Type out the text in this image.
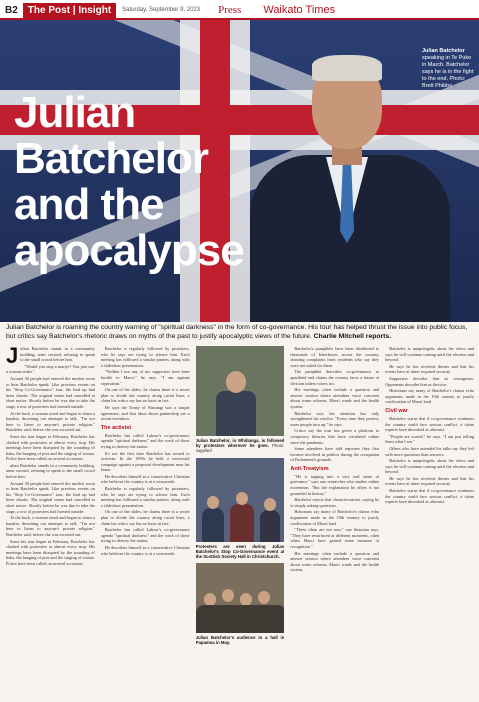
B2	The Post | Insight	Saturday, September 9, 2023 Press Waikato Times
Julian
Batchelor
and the
apocalypse
Julian Batchelor
speaking in Te Puke in March. Batchelor says he is in the fight to the end. Photo: Brett Phibbs
Julian Batchelor is roaming the country warning of "spiritual darkness" in the form of co-governance. His tour has helped thrust the issue into public focus, but critics say Batchelor's rhetoric draws on myths of the past to justify apocalyptic views of the future. Charlie Mitchell reports.

Julian Batchelor stands in a community building, arms crossed, refusing to speak to the small crowd before him.

"Would you stop a martyr? You just saw a woman strike."

Around 30 people had entered the modest room to hear Batchelor speak. Like previous events on his "Stop Co-Governance" tour, the lead up had been chaotic. The original venue had cancelled at short notice. Shortly before he was due to take the stage, a row of protesters had formed outside.

At the back, a woman stood and began to chant a karakia, drowning out attempts to talk. "I'm not here to listen to anyone's private religion," Batchelor said, before she was escorted out.

Since his tour began in February, Batchelor has clashed with protesters at almost every stop. His meetings have been disrupted by the sounding of haka, the banging of pots and the singing of waiata. Police have been called on several occasions.

ulian Batchelor stands in a community building, arms crossed, refusing to speak to the small crowd before him.

Around 30 people had entered the modest room to hear Batchelor speak. Like previous events on his "Stop Co-Governance" tour, the lead up had been chaotic. The original venue had cancelled at short notice. Shortly before he was due to take the stage, a row of protesters had formed outside.

At the back, a woman stood and began to chant a karakia, drowning out attempts to talk. "I'm not here to listen to anyone's private religion," Batchelor said, before she was escorted out.

Since his tour began in February, Batchelor has clashed with protesters at almost every stop. His meetings have been disrupted by the sounding of haka, the banging of pots and the singing of waiata. Police have been called on several occasions.

Batchelor is regularly followed by protesters, who he says are trying to silence him. Each meeting has followed a similar pattern, along with a slideshow presentation.

"Neither I nor any of my supporters have been hostile to Maori," he says. "I am against separatism."

On one of the slides, he claims there is a secret plan to divide the country along racial lines, a claim his critics say has no basis in fact.

He says the Treaty of Waitangi was a simple agreement, and that ideas about partnership are a recent invention.

The activist

Batchelor has called Labour's co-governance agenda "spiritual darkness" and the work of those trying to destroy the nation.

It's not the first time Batchelor has turned to activism. In the 1990s he held a successful campaign against a proposed development near his home.

He describes himself as a conservative Christian who believes the country is at a crossroads.

Batchelor is regularly followed by protesters, who he says are trying to silence him. Each meeting has followed a similar pattern, along with a slideshow presentation.

On one of the slides, he claims there is a secret plan to divide the country along racial lines, a claim his critics say has no basis in fact.

Batchelor has called Labour's co-governance agenda "spiritual darkness" and the work of those trying to destroy the nation.

He describes himself as a conservative Christian who believes the country is at a crossroads.

Julian Batchelor, in Whitianga, is followed by protesters wherever he goes. Photo: supplied
Protesters are seen during Julian Batchelor's Stop Co-Governance event at the Scottish Society Hall in Christchurch.
Julian Batchelor's audience in a hall in Papamoa in May.

Batchelor's pamphlets have been distributed to thousands of letterboxes across the country, drawing complaints from residents who say they were not asked for them.

The pamphlet describes co-governance as apartheid and claims the country faces a future of division unless voters act.

His meetings often include a question and answer session where attendees voice concerns about water reforms, Maori wards and the health system.

Batchelor says the attention has only strengthened his resolve. "Every time they protest, more people turn up," he says.

Critics say the tour has given a platform to conspiracy theories that have circulated online since the pandemic.

Some attendees have told reporters they first became involved in politics during the occupation of Parliament's grounds.

Anti-Treatyism

"He is tapping into a very real sense of grievance," says one researcher who studies online extremism. "But the explanation he offers is not grounded in history."

Batchelor rejects that characterisation, saying he is simply asking questions.

Historians say many of Batchelor's claims echo arguments made in the 19th century to justify confiscation of Maori land.

"These ideas are not new," one historian says. "They have resurfaced at different moments, often when Maori have gained some measure of recognition."

His meetings often include a question and answer session where attendees voice concerns about water reforms, Maori wards and the health system.

Batchelor is unapologetic about his views and says he will continue touring until the election and beyond.

He says he has received threats and that his events have at times required security.

Supporters describe him as courageous. Opponents describe him as divisive.

Historians say many of Batchelor's claims echo arguments made in the 19th century to justify confiscation of Maori land.

Civil war

Batchelor warns that if co-governance continues the country could face serious conflict, a claim experts have described as alarmist.

"People are scared," he says. "I am just telling them what I see."

Others who have attended his talks say they left with more questions than answers.

Batchelor is unapologetic about his views and says he will continue touring until the election and beyond.

He says he has received threats and that his events have at times required security.

Batchelor warns that if co-governance continues the country could face serious conflict, a claim experts have described as alarmist.
